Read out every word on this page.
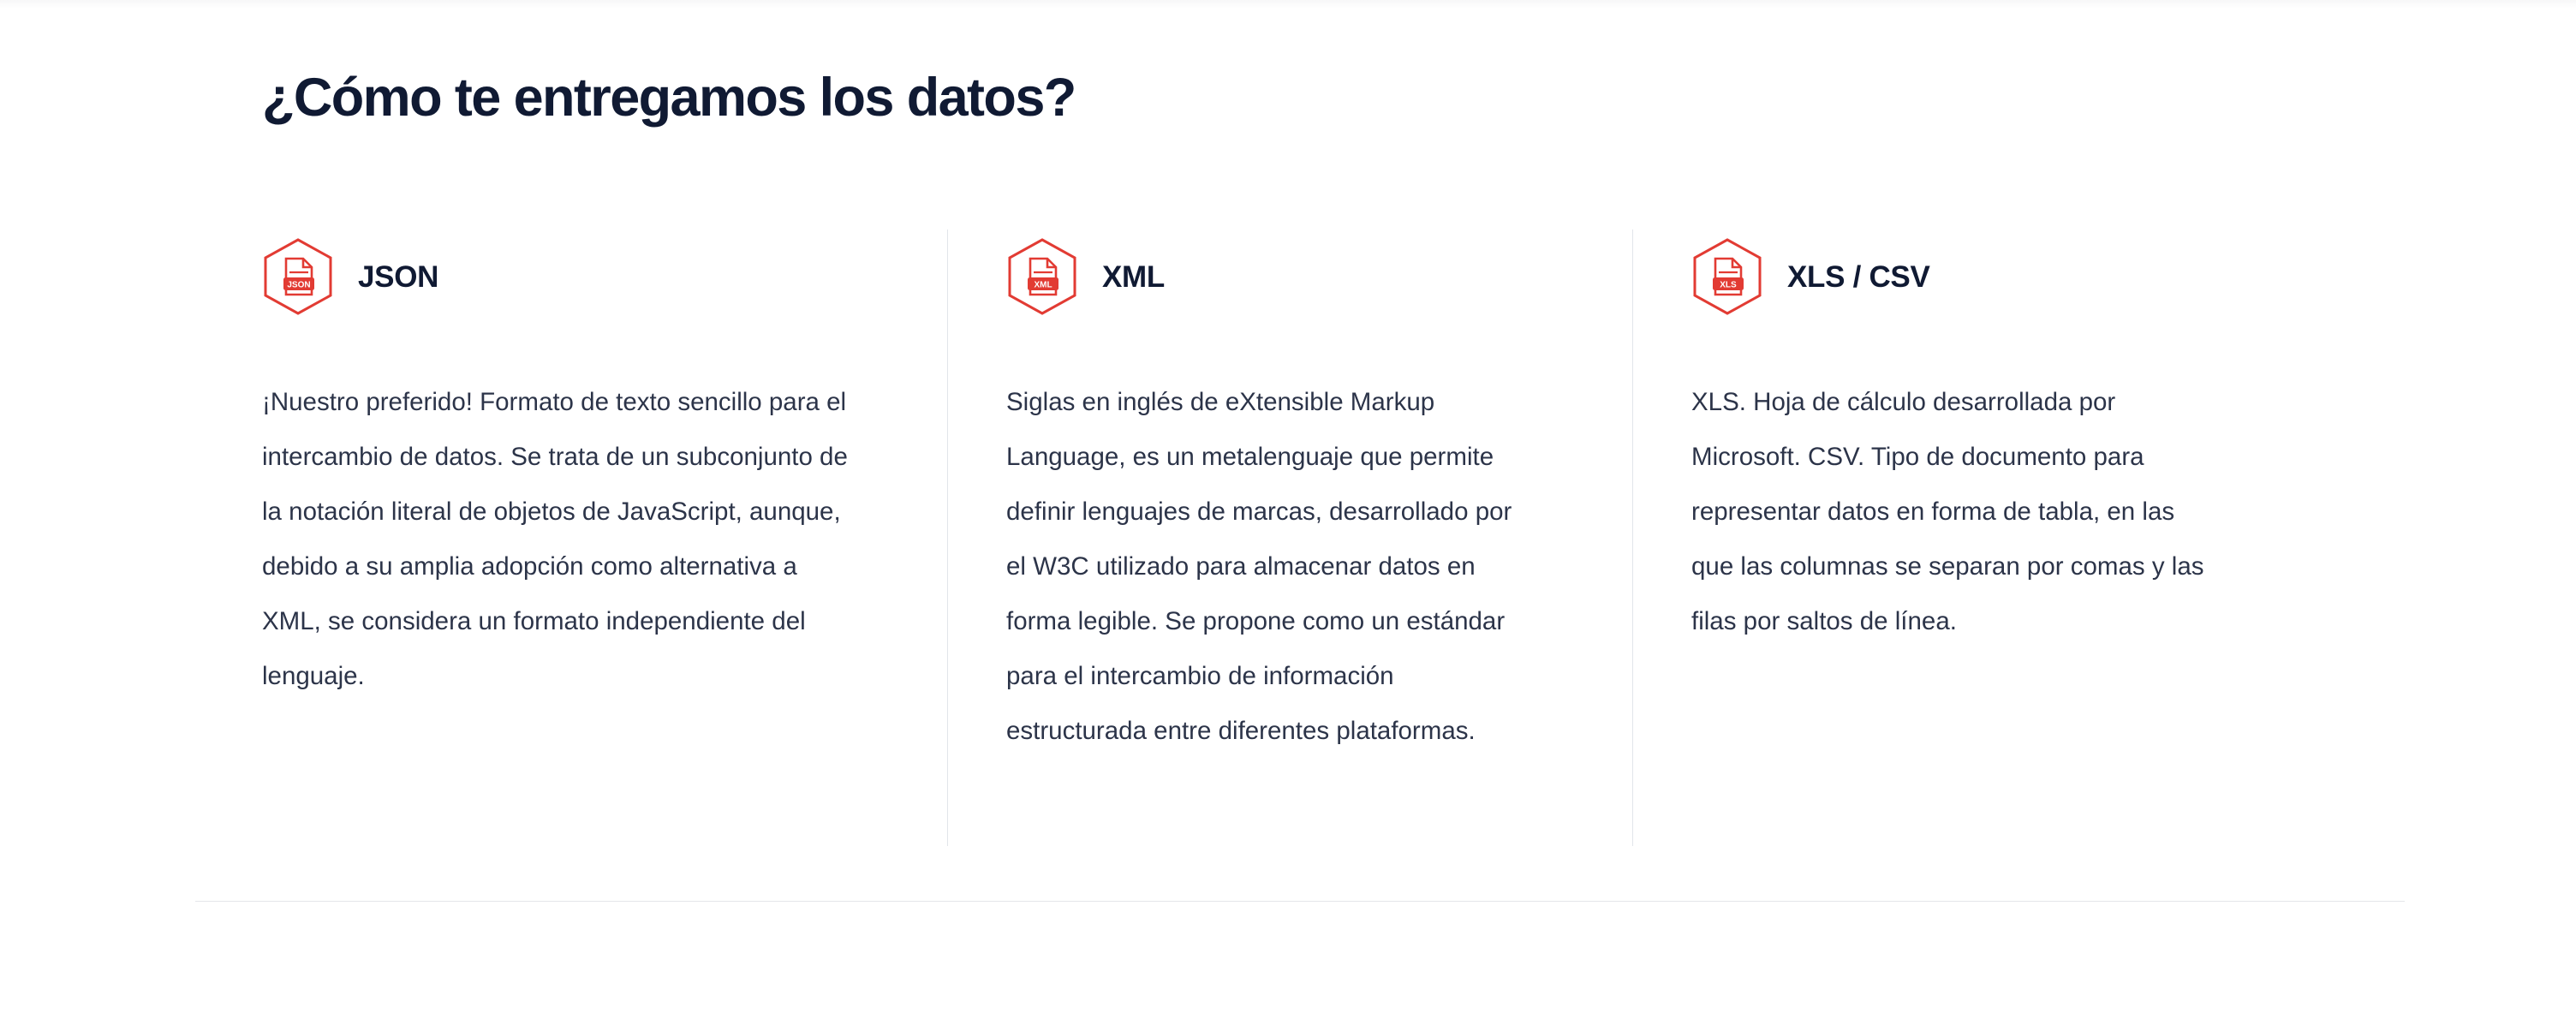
¿Cómo te entregamos los datos?
JSON JSON

¡Nuestro preferido! Formato de texto sencillo para el intercambio de datos. Se trata de un subconjunto de la notación literal de objetos de JavaScript, aunque, debido a su amplia adopción como alternativa a XML, se considera un formato independiente del lenguaje.

XML XML

Siglas en inglés de eXtensible Markup Language, es un metalenguaje que permite definir lenguajes de marcas, desarrollado por el W3C utilizado para almacenar datos en forma legible. Se propone como un estándar para el intercambio de información estructurada entre diferentes plataformas.

XLS XLS / CSV

XLS. Hoja de cálculo desarrollada por Microsoft. CSV. Tipo de documento para representar datos en forma de tabla, en las que las columnas se separan por comas y las filas por saltos de línea.
